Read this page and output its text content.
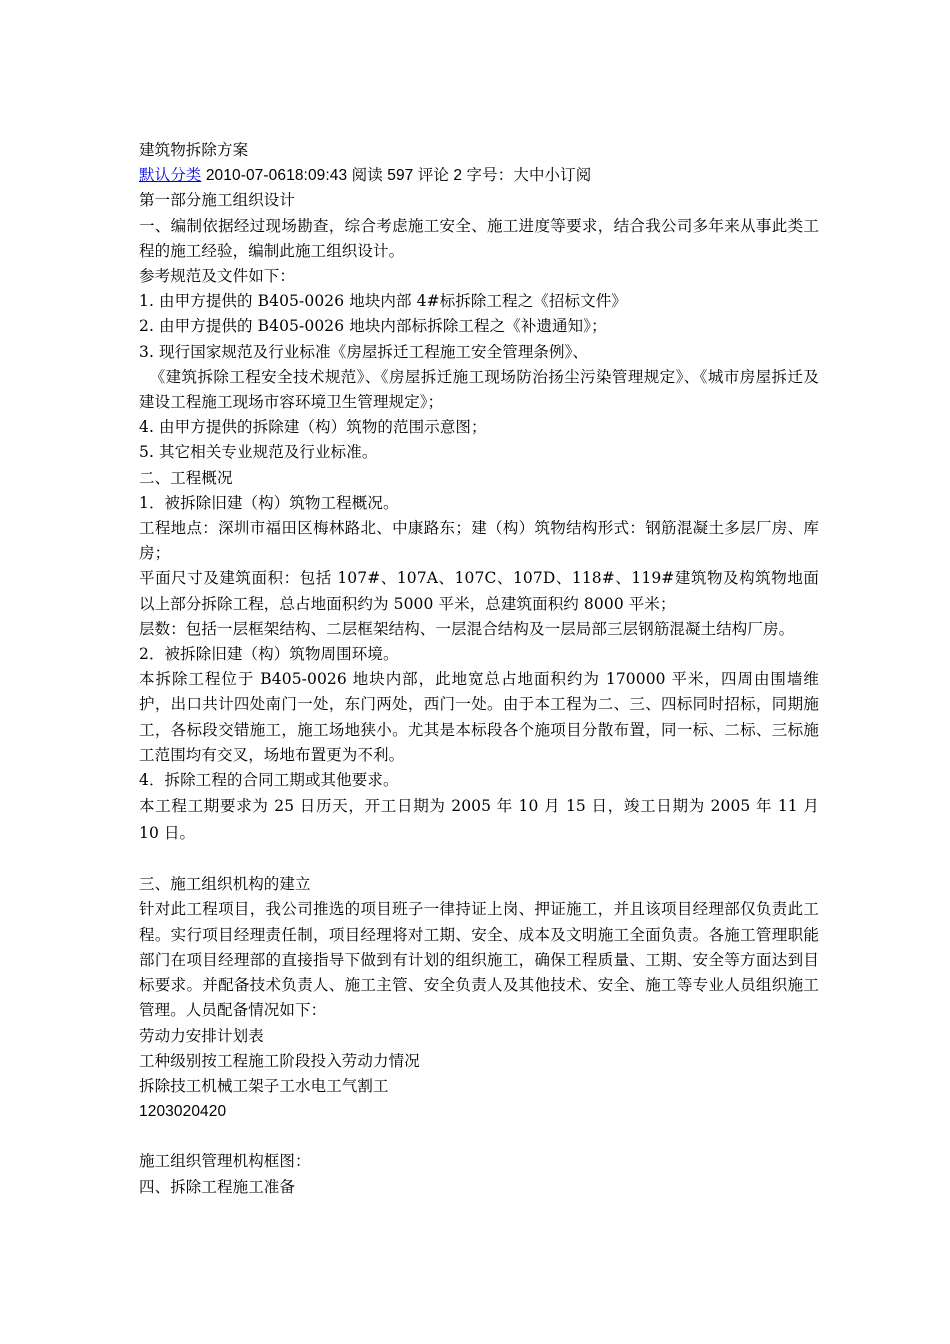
建筑物拆除方案
默认分类 2010-07-0618:09:43 阅读 597 评论 2 字号：大中小订阅
第一部分施工组织设计
一、编制依据经过现场勘查，综合考虑施工安全、施工进度等要求，结合我公司多年来从事此类工程的施工经验，编制此施工组织设计。
参考规范及文件如下：
1. 由甲方提供的 B405-0026 地块内部 4#标拆除工程之《招标文件》
2. 由甲方提供的 B405-0026 地块内部标拆除工程之《补遗通知》；
3. 现行国家规范及行业标准《房屋拆迁工程施工安全管理条例》、
《建筑拆除工程安全技术规范》、《房屋拆迁施工现场防治扬尘污染管理规定》、《城市房屋拆迁及建设工程施工现场市容环境卫生管理规定》；
4. 由甲方提供的拆除建（构）筑物的范围示意图；
5. 其它相关专业规范及行业标准。
二、工程概况
1．被拆除旧建（构）筑物工程概况。
工程地点：深圳市福田区梅林路北、中康路东；建（构）筑物结构形式：钢筋混凝土多层厂房、库房；
平面尺寸及建筑面积：包括 107#、107A、107C、107D、118#、119#建筑物及构筑物地面以上部分拆除工程，总占地面积约为 5000 平米，总建筑面积约 8000 平米；
层数：包括一层框架结构、二层框架结构、一层混合结构及一层局部三层钢筋混凝土结构厂房。
2．被拆除旧建（构）筑物周围环境。
本拆除工程位于 B405-0026 地块内部，此地宽总占地面积约为 170000 平米，四周由围墙维护，出口共计四处南门一处，东门两处，西门一处。由于本工程为二、三、四标同时招标，同期施工，各标段交错施工，施工场地狭小。尤其是本标段各个施项目分散布置，同一标、二标、三标施工范围均有交叉，场地布置更为不利。
4．拆除工程的合同工期或其他要求。
本工程工期要求为 25 日历天，开工日期为 2005 年 10 月 15 日，竣工日期为 2005 年 11 月 10 日。
三、施工组织机构的建立
针对此工程项目，我公司推选的项目班子一律持证上岗、押证施工，并且该项目经理部仅负责此工程。实行项目经理责任制，项目经理将对工期、安全、成本及文明施工全面负责。各施工管理职能部门在项目经理部的直接指导下做到有计划的组织施工，确保工程质量、工期、安全等方面达到目标要求。并配备技术负责人、施工主管、安全负责人及其他技术、安全、施工等专业人员组织施工管理。人员配备情况如下：
劳动力安排计划表
工种级别按工程施工阶段投入劳动力情况
拆除技工机械工架子工水电工气割工
1203020420
施工组织管理机构框图：
四、拆除工程施工准备
